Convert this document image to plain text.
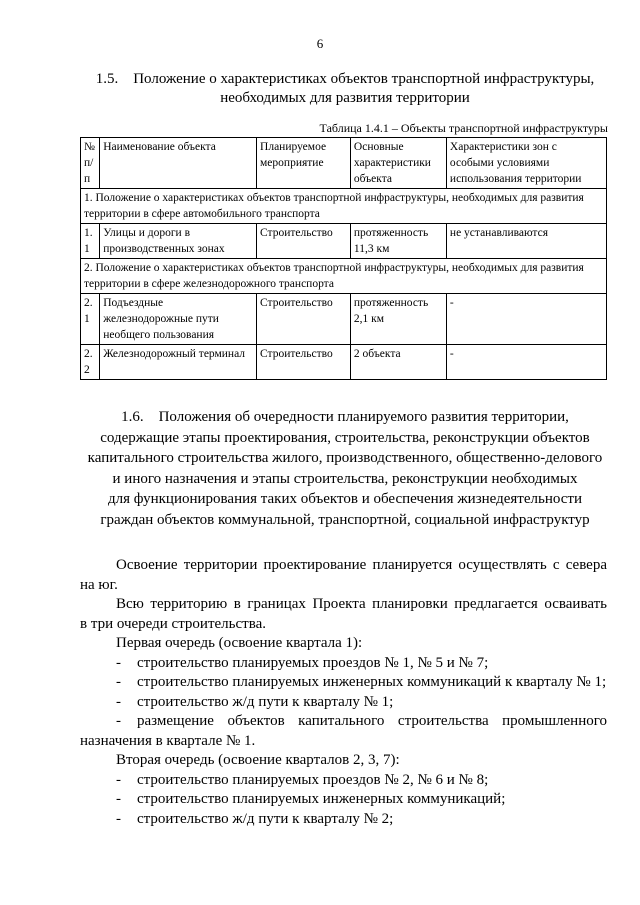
6
1.5. Положение о характеристиках объектов транспортной инфраструктуры,
необходимых для развития территории
Таблица 1.4.1 – Объекты транспортной инфраструктуры
№ п/п	Наименование объекта	Планируемое мероприятие	Основные характеристики объекта	Характеристики зон с особыми условиями использования территории
1. Положение о характеристиках объектов транспортной инфраструктуры, необходимых для развития территории в сфере автомобильного транспорта				
1.1	Улицы и дороги в производственных зонах	Строительство	протяженность 11,3 км	не устанавливаются
2. Положение о характеристиках объектов транспортной инфраструктуры, необходимых для развития территории в сфере железнодорожного транспорта				
2.1	Подъездные железнодорожные пути необщего пользования	Строительство	протяженность 2,1 км	-
2.2	Железнодорожный терминал	Строительство	2 объекта	-
1.6. Положения об очередности планируемого развития территории,
содержащие этапы проектирования, строительства, реконструкции объектов
капитального строительства жилого, производственного, общественно-делового
и иного назначения и этапы строительства, реконструкции необходимых
для функционирования таких объектов и обеспечения жизнедеятельности
граждан объектов коммунальной, транспортной, социальной инфраструктур

Освоение территории проектирование планируется осуществлять с севера

на юг.

Всю территорию в границах Проекта планировки предлагается осваивать

в три очереди строительства.

Первая очередь (освоение квартала 1):

- строительство планируемых проездов № 1, № 5 и № 7;

- строительство планируемых инженерных коммуникаций к кварталу № 1;

- строительство ж/д пути к кварталу № 1;

- размещение объектов капитального строительства промышленного

назначения в квартале № 1.

Вторая очередь (освоение кварталов 2, 3, 7):

- строительство планируемых проездов № 2, № 6 и № 8;

- строительство планируемых инженерных коммуникаций;

- строительство ж/д пути к кварталу № 2;
